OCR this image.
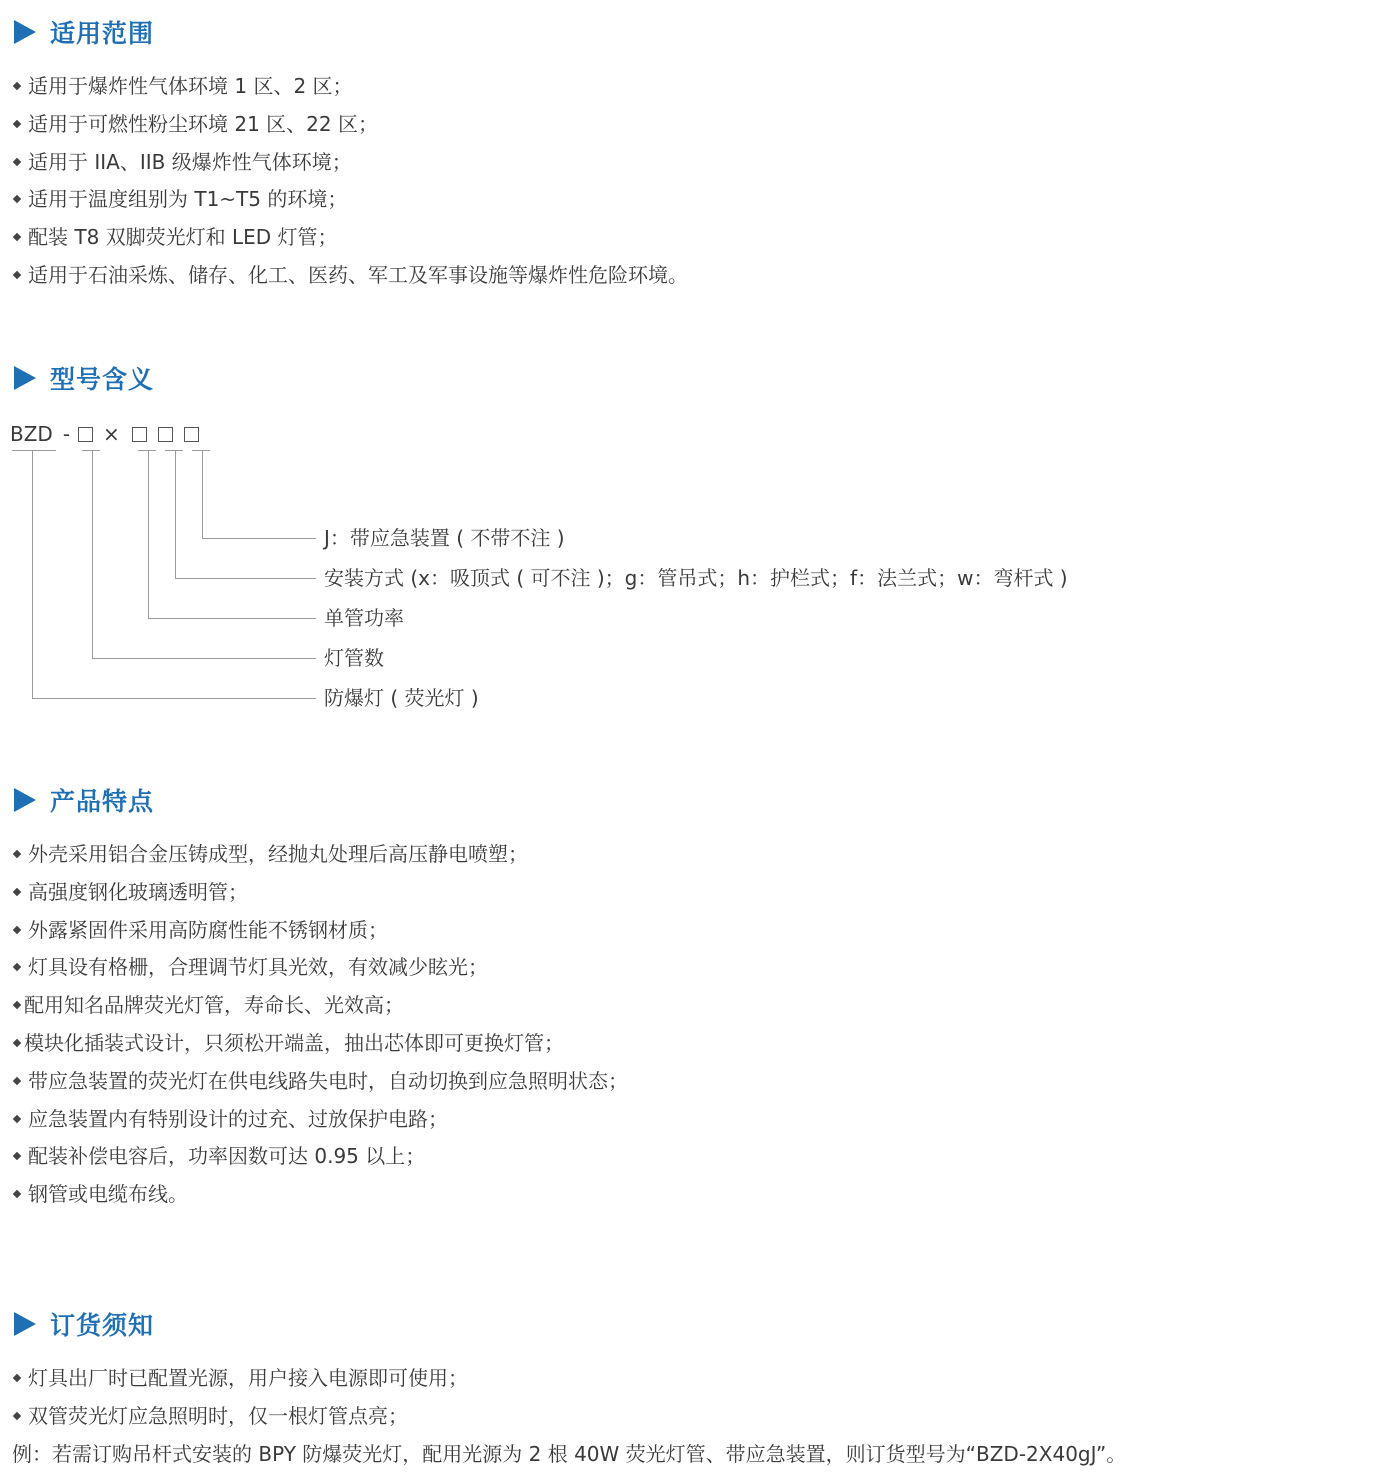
适用范围
适用于爆炸性气体环境 1 区、2 区；
适用于可燃性粉尘环境 21 区、22 区；
适用于 IIA、IIB 级爆炸性气体环境；
适用于温度组别为 T1~T5 的环境；
配装 T8 双脚荧光灯和 LED 灯管；
适用于石油采炼、储存、化工、医药、军工及军事设施等爆炸性危险环境。
型号含义
BZD - ×
J：带应急装置 ( 不带不注 )
安装方式 (x：吸顶式 ( 可不注 )；g：管吊式；h：护栏式；f：法兰式；w：弯杆式 )
单管功率
灯管数
防爆灯 ( 荧光灯 )
产品特点
外壳采用铝合金压铸成型，经抛丸处理后高压静电喷塑；
高强度钢化玻璃透明管；
外露紧固件采用高防腐性能不锈钢材质；
灯具设有格栅，合理调节灯具光效，有效减少眩光；
配用知名品牌荧光灯管，寿命长、光效高；
模块化插装式设计，只须松开端盖，抽出芯体即可更换灯管；
带应急装置的荧光灯在供电线路失电时，自动切换到应急照明状态；
应急装置内有特别设计的过充、过放保护电路；
配装补偿电容后，功率因数可达 0.95 以上；
钢管或电缆布线。
订货须知
灯具出厂时已配置光源，用户接入电源即可使用；
双管荧光灯应急照明时，仅一根灯管点亮；
例：若需订购吊杆式安装的 BPY 防爆荧光灯，配用光源为 2 根 40W 荧光灯管、带应急装置，则订货型号为“BZD-2X40gJ”。
